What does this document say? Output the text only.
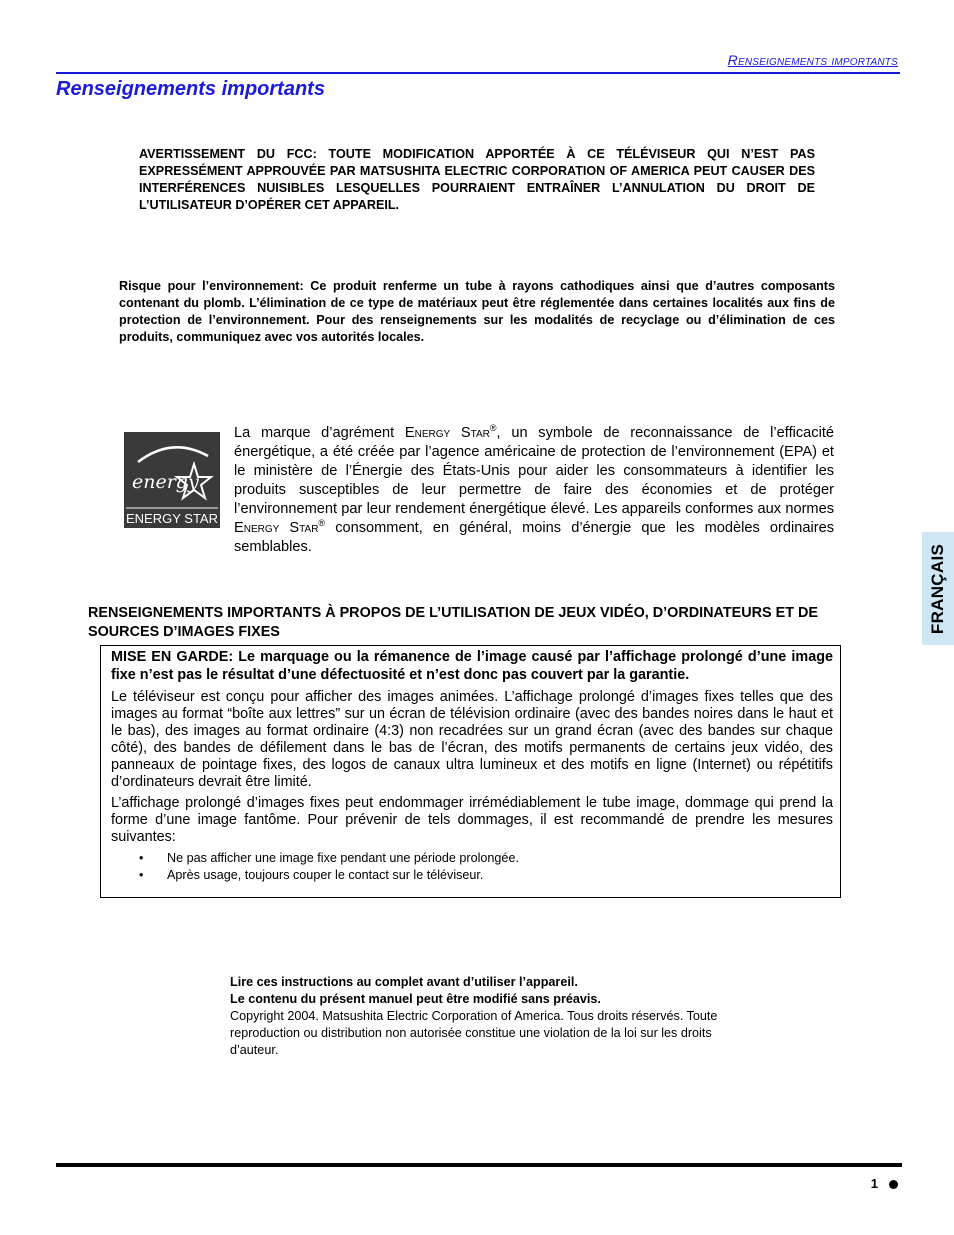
Renseignements importants
Renseignements importants
AVERTISSEMENT DU FCC: TOUTE MODIFICATION APPORTÉE À CE TÉLÉVISEUR QUI N’EST PAS EXPRESSÉMENT APPROUVÉE PAR MATSUSHITA ELECTRIC CORPORATION OF AMERICA PEUT CAUSER DES INTERFÉRENCES NUISIBLES LESQUELLES POURRAIENT ENTRAÎNER L’ANNULATION DU DROIT DE L’UTILISATEUR D’OPÉRER CET APPAREIL.
Risque pour l’environnement: Ce produit renferme un tube à rayons cathodiques ainsi que d’autres composants contenant du plomb. L’élimination de ce type de matériaux peut être réglementée dans certaines localités aux fins de protection de l’environnement. Pour des renseignements sur les modalités de recyclage ou d’élimination de ces produits, communiquez avec vos autorités locales.
energy
ENERGY STAR
La marque d’agrément Energy Star®, un symbole de reconnaissance de l’efficacité énergétique, a été créée par l’agence américaine de protection de l’environnement (EPA) et le ministère de l’Énergie des États-Unis pour aider les consommateurs à identifier les produits susceptibles de leur permettre de faire des économies et de protéger l’environnement par leur rendement énergétique élevé. Les appareils conformes aux normes Energy Star® consomment, en général, moins d’énergie que les modèles ordinaires semblables.
RENSEIGNEMENTS IMPORTANTS À PROPOS DE L’UTILISATION DE JEUX VIDÉO, D’ORDINATEURS ET DE SOURCES D’IMAGES FIXES

MISE EN GARDE: Le marquage ou la rémanence de l’image causé par l’affichage prolongé d’une image fixe n’est pas le résultat d’une défectuosité et n’est donc pas couvert par la garantie.

Le téléviseur est conçu pour afficher des images animées. L’affichage prolongé d’images fixes telles que des images au format “boîte aux lettres” sur un écran de télévision ordinaire (avec des bandes noires dans le haut et le bas), des images au format ordinaire (4:3) non recadrées sur un grand écran (avec des bandes sur chaque côté), des bandes de défilement dans le bas de l’écran, des motifs permanents de certains jeux vidéo, des panneaux de pointage fixes, des logos de canaux ultra lumineux et des motifs en ligne (Internet) ou répétitifs d’ordinateurs devrait être limité.

L’affichage prolongé d’images fixes peut endommager irrémédiablement le tube image, dommage qui prend la forme d’une image fantôme. Pour prévenir de tels dommages, il est recommandé de prendre les mesures suivantes:

• Ne pas afficher une image fixe pendant une période prolongée.
• Après usage, toujours couper le contact sur le téléviseur.
Lire ces instructions au complet avant d’utiliser l’appareil.
Le contenu du présent manuel peut être modifié sans préavis.
Copyright 2004. Matsushita Electric Corporation of America. Tous droits réservés. Toute reproduction ou distribution non autorisée constitue une violation de la loi sur les droits d’auteur.
FRANÇAIS
1
